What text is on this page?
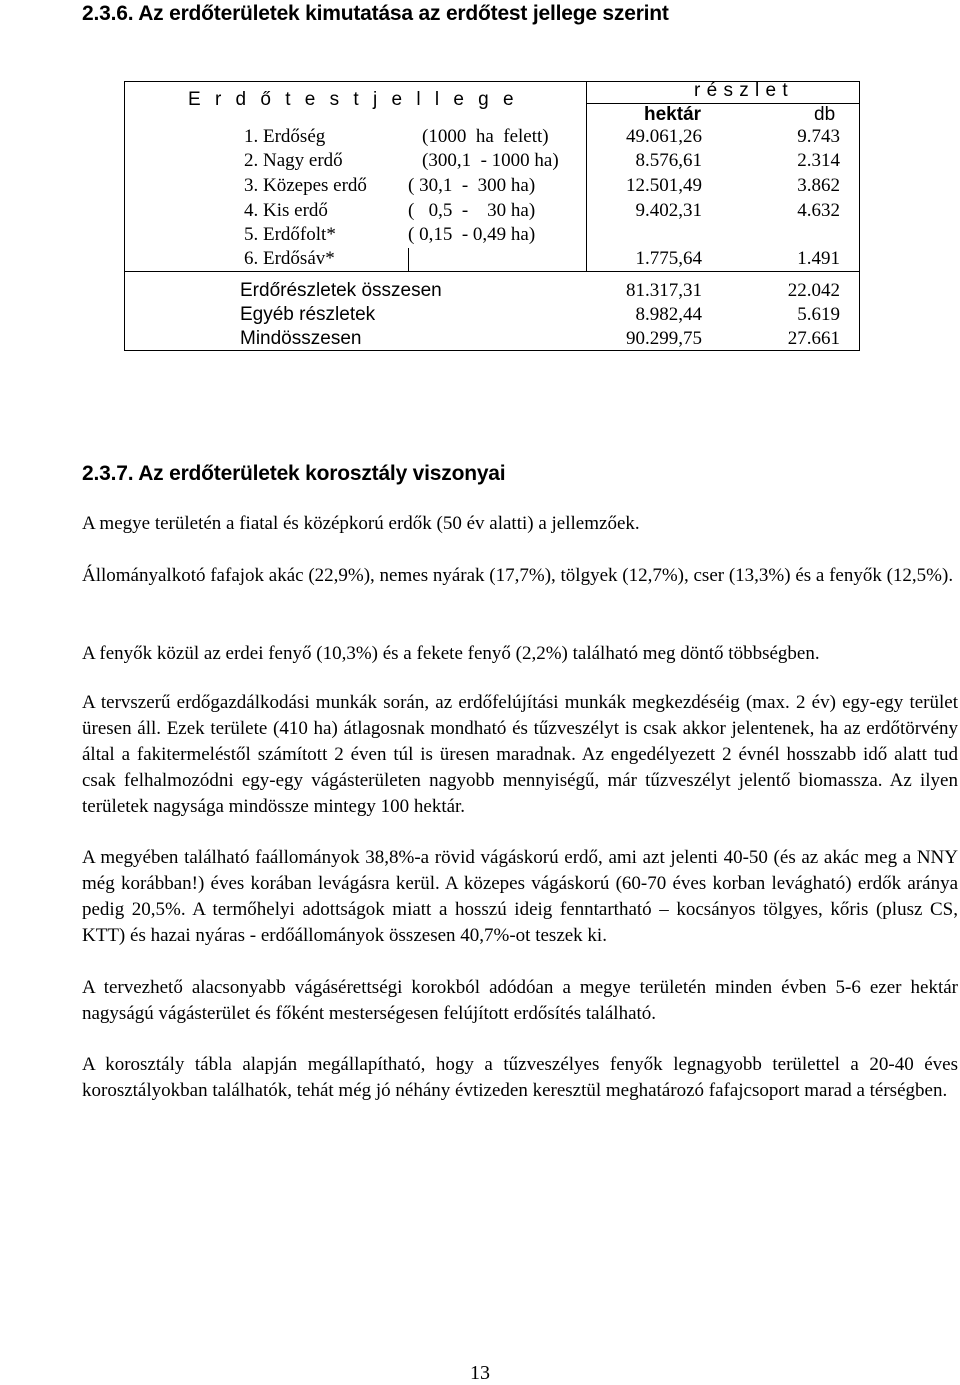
2.3.6. Az erdőterületek kimutatása az erdőtest jellege szerint
E r d ő t e s t j e l l e g e	r é s z l e t
hektár	db
1. Erdőség	(1000  ha  felett)	49.061,26	9.743
2. Nagy erdő	(300,1  - 1000 ha)	8.576,61	2.314
3. Közepes erdő ( 30,1  -  300 ha)	12.501,49	3.862
4. Kis erdő	(   0,5  -    30 ha)	9.402,31	4.632
5. Erdőfolt*	( 0,15  - 0,49 ha)
6. Erdősáv*	1.775,64	1.491
Erdőrészletek összesen	81.317,31	22.042
Egyéb részletek	8.982,44	5.619
Mindösszesen	90.299,75	27.661
2.3.7. Az erdőterületek korosztály viszonyai

A megye területén a fiatal és középkorú erdők (50 év alatti) a jellemzőek.

Állományalkotó fafajok akác (22,9%), nemes nyárak (17,7%), tölgyek (12,7%), cser (13,3%) és a fenyők (12,5%).

A fenyők közül az erdei fenyő (10,3%) és a fekete fenyő (2,2%) található meg döntő többségben.

A tervszerű erdőgazdálkodási munkák során, az erdőfelújítási munkák megkezdéséig (max. 2 év) egy-egy terület üresen áll. Ezek területe (410 ha) átlagosnak mondható és tűzveszélyt is csak akkor jelentenek, ha az erdőtörvény által a fakitermeléstől számított 2 éven túl is üresen maradnak. Az engedélyezett 2 évnél hosszabb idő alatt tud csak felhalmozódni egy-egy vágásterületen nagyobb mennyiségű, már tűzveszélyt jelentő biomassza. Az ilyen területek nagysága mindössze mintegy 100 hektár.

A megyében található faállományok 38,8%-a rövid vágáskorú erdő, ami azt jelenti 40-50 (és az akác meg a NNY még korábban!) éves korában levágásra kerül. A közepes vágáskorú (60-70 éves korban levágható) erdők aránya pedig 20,5%. A termőhelyi adottságok miatt a hosszú ideig fenntartható – kocsányos tölgyes, kőris (plusz CS, KTT) és hazai nyáras - erdőállományok összesen 40,7%-ot teszek ki.

A tervezhető alacsonyabb vágásérettségi korokból adódóan a megye területén minden évben 5-6 ezer hektár nagyságú vágásterület és főként mesterségesen felújított erdősítés található.

A korosztály tábla alapján megállapítható, hogy a tűzveszélyes fenyők legnagyobb területtel a 20-40 éves korosztályokban találhatók, tehát még jó néhány évtizeden keresztül meghatározó fafajcsoport marad a térségben.

13
